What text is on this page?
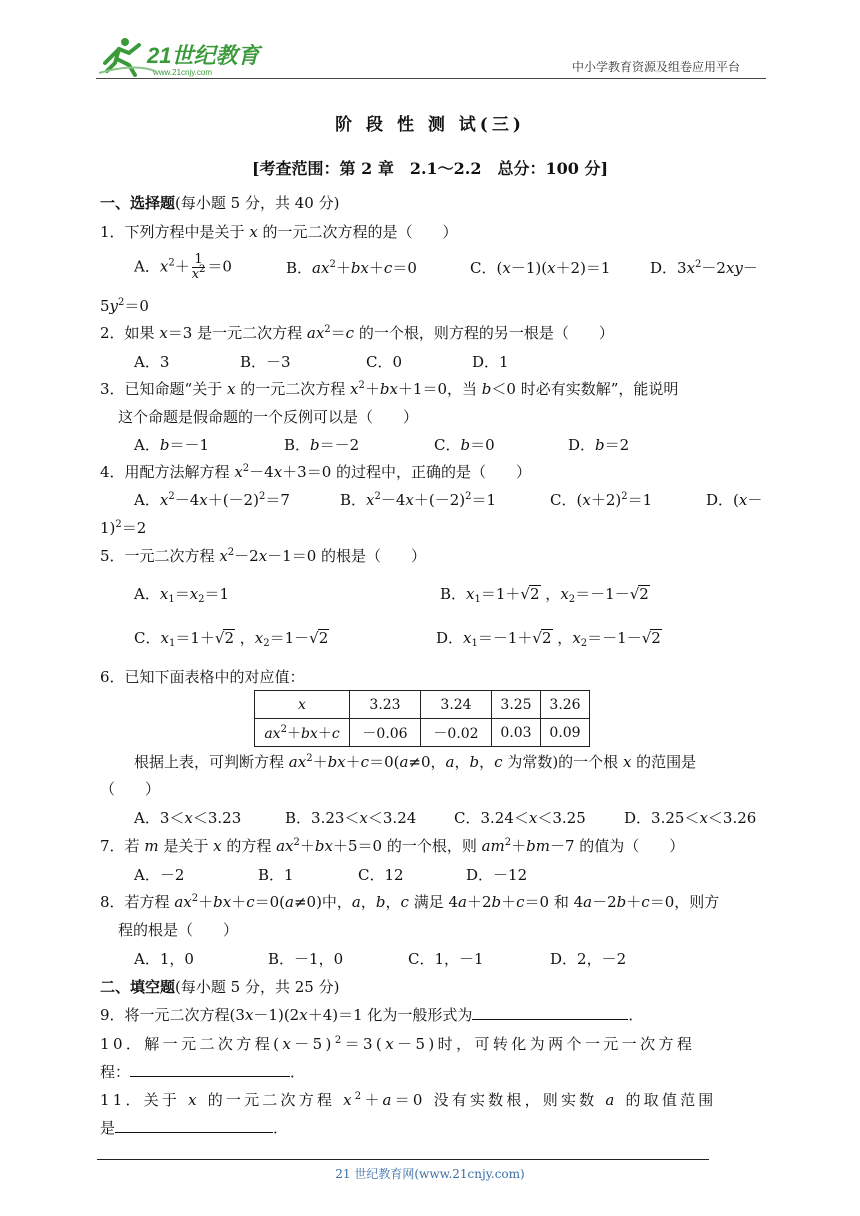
21世纪教育
www.21cnjy.com	中小学教育资源及组卷应用平台
阶 段 性 测 试(三)
[考查范围：第 2 章　2.1～2.2　总分：100 分]
一、选择题(每小题 5 分，共 40 分)
1．下列方程中是关于 x 的一元二次方程的是（　　）
A．$x^2+ \frac{1}{x^2} =0$	B．$ax^2+bx+c=0$	C．(x－1)(x＋2)＝1	D．$3x^2-2xy-$
$5y^2=0$
2．如果 x＝3 是一元二次方程 $ax^2=c$ 的一个根，则方程的另一根是（　　）
A．3	B．－3	C．0	D．1
3．已知命题“关于 x 的一元二次方程 $x^2+bx+1=0$，当 b＜0 时必有实数解”，能说明
这个命题是假命题的一个反例可以是（　　）
A．b＝－1	B．b＝－2	C．b＝0	D．b＝2
4．用配方法解方程 $x^2-4x+3=0$ 的过程中，正确的是（　　）
A．$x^2-4x+(-2)^2=7$	B．$x^2-4x+(-2)^2=1$	C．$(x+2)^2=1$	D．(x－
1)$^2$＝2
5．一元二次方程 $x^2-2x-1=0$ 的根是（　　）
A．$x_1=x_2=1$	B．$x_1=1+√2$ ，$x_2=-1-√2$
C．$x_1=1+√2$ ，$x_2=1-√2$	D．$x_1=-1+√2$ ，$x_2=-1-√2$
6．已知下面表格中的对应值：
x	3.23	3.24	3.25	3.26
$ax^2+bx+c$	－0.06	－0.02	0.03	0.09
根据上表，可判断方程 $ax^2+bx+c=0(a\ne 0$，a，b，c 为常数)的一个根 x 的范围是
（　　）
A．3＜x＜3.23	B．3.23＜x＜3.24	C．3.24＜x＜3.25	D．3.25＜x＜3.26
7．若 m 是关于 x 的方程 $ax^2+bx+5=0$ 的一个根，则 $am^2+bm-7$ 的值为（　　）
A．－2	B．1	C．12	D．－12
8．若方程 $ax^2+bx+c=0(a\ne 0)$中，a，b，c 满足 4a＋2b＋c＝0 和 4a－2b＋c＝0，则方
程的根是（　　）
A．1，0	B．－1，0	C．1，－1	D．2，－2
二、填空题(每小题 5 分，共 25 分)
9．将一元二次方程(3x－1)(2x＋4)＝1 化为一般形式为	．
10．解一元二次方程$(x-5)^2=3(x-5)$时，可转化为两个一元一次方程
程：	．
11．关于 x 的一元二次方程 $x^2+a=0$ 没有实数根，则实数 a 的取值范围
是	．
21 世纪教育网(www.21cnjy.com)
